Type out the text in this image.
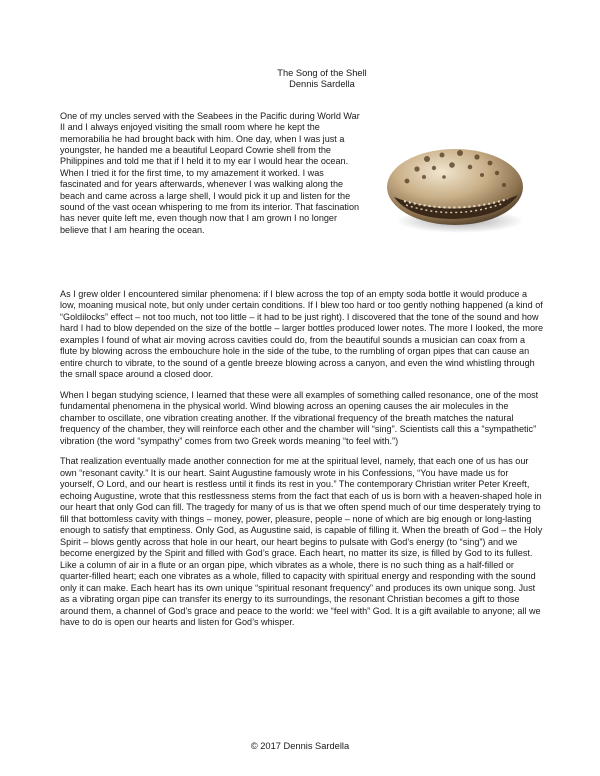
The Song of the Shell
Dennis Sardella
One of my uncles served with the Seabees in the Pacific during World War II and I always enjoyed visiting the small room where he kept the memorabilia he had brought back with him. One day, when I was just a youngster, he handed me a beautiful Leopard Cowrie shell from the Philippines and told me that if I held it to my ear I would hear the ocean. When I tried it for the first time, to my amazement it worked. I was fascinated and for years afterwards, whenever I was walking along the beach and came across a large shell, I would pick it up and listen for the sound of the vast ocean whispering to me from its interior. That fascination has never quite left me, even though now that I am grown I no longer believe that I am hearing the ocean.

As I grew older I encountered similar phenomena: if I blew across the top of an empty soda bottle it would produce a low, moaning musical note, but only under certain conditions. If I blew too hard or too gently nothing happened (a kind of “Goldilocks” effect – not too much, not too little – it had to be just right). I discovered that the tone of the sound and how hard I had to blow depended on the size of the bottle – larger bottles produced lower notes. The more I looked, the more examples I found of what air moving across cavities could do, from the beautiful sounds a musician can coax from a flute by blowing across the embouchure hole in the side of the tube, to the rumbling of organ pipes that can cause an entire church to vibrate, to the sound of a gentle breeze blowing across a canyon, and even the wind whistling through the small space around a closed door.

When I began studying science, I learned that these were all examples of something called resonance, one of the most fundamental phenomena in the physical world. Wind blowing across an opening causes the air molecules in the chamber to oscillate, one vibration creating another. If the vibrational frequency of the breath matches the natural frequency of the chamber, they will reinforce each other and the chamber will “sing”. Scientists call this a “sympathetic” vibration (the word “sympathy” comes from two Greek words meaning “to feel with.”)

That realization eventually made another connection for me at the spiritual level, namely, that each one of us has our own “resonant cavity.” It is our heart. Saint Augustine famously wrote in his Confessions, “You have made us for yourself, O Lord, and our heart is restless until it finds its rest in you.” The contemporary Christian writer Peter Kreeft, echoing Augustine, wrote that this restlessness stems from the fact that each of us is born with a heaven-shaped hole in our heart that only God can fill. The tragedy for many of us is that we often spend much of our time desperately trying to fill that bottomless cavity with things – money, power, pleasure, people – none of which are big enough or long-lasting enough to satisfy that emptiness. Only God, as Augustine said, is capable of filling it. When the breath of God – the Holy Spirit – blows gently across that hole in our heart, our heart begins to pulsate with God’s energy (to “sing”) and we become energized by the Spirit and filled with God’s grace. Each heart, no matter its size, is filled by God to its fullest. Like a column of air in a flute or an organ pipe, which vibrates as a whole, there is no such thing as a half-filled or quarter-filled heart; each one vibrates as a whole, filled to capacity with spiritual energy and responding with the sound only it can make. Each heart has its own unique “spiritual resonant frequency” and produces its own unique song. Just as a vibrating organ pipe can transfer its energy to its surroundings, the resonant Christian becomes a gift to those around them, a channel of God’s grace and peace to the world: we “feel with” God. It is a gift available to anyone; all we have to do is open our hearts and listen for God’s whisper.

© 2017 Dennis Sardella
